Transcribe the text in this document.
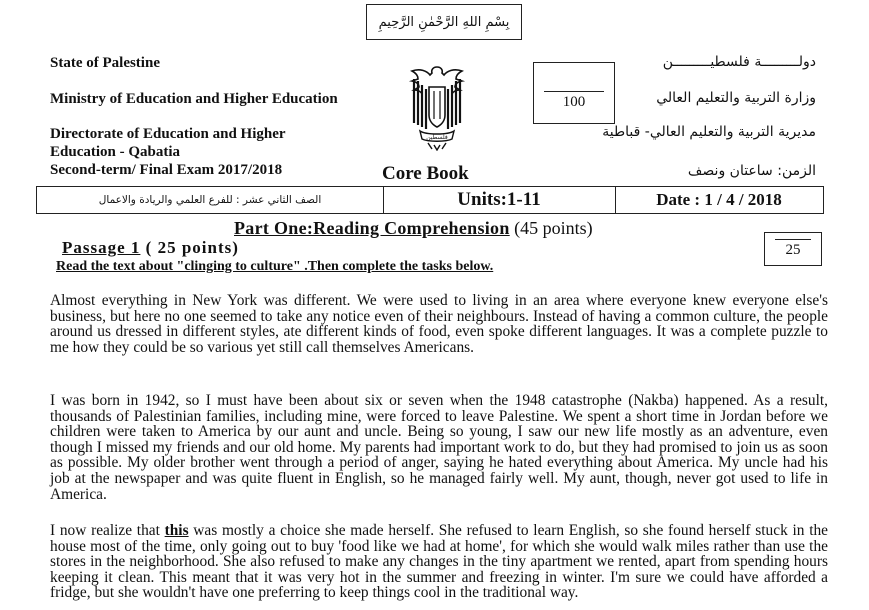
بِسْمِ اللهِ الرَّحْمٰنِ الرَّحِيمِ
State of Palestine
Ministry of Education and Higher Education
Directorate of Education and Higher
Education - Qabatia
Second-term/ Final Exam 2017/2018
فلسطين
100
دولـــــــــة فلسطيـــــــــن
وزارة التربية والتعليم العالي
مديرية التربية والتعليم العالي- قباطية
الزمن: ساعتان ونصف
Core Book
الصف الثاني عشر : للفرع العلمي والريادة والاعمال	Units:1-11	Date : 1 / 4 / 2018
Part One:Reading Comprehension (45 points)
Passage 1 ( 25 points)	25
Read the text about "clinging to culture" .Then complete the tasks below.
Almost everything in New York was different. We were used to living in an area where everyone knew everyone else's business, but here no one seemed to take any notice even of their neighbours. Instead of having a common culture, the people around us dressed in different styles, ate different kinds of food, even spoke different languages. It was a complete puzzle to me how they could be so various yet still call themselves Americans.
I was born in 1942, so I must have been about six or seven when the 1948 catastrophe (Nakba) happened. As a result, thousands of Palestinian families, including mine, were forced to leave Palestine. We spent a short time in Jordan before we children were taken to America by our aunt and uncle. Being so young, I saw our new life mostly as an adventure, even though I missed my friends and our old home. My parents had important work to do, but they had promised to join us as soon as possible. My older brother went through a period of anger, saying he hated everything about America. My uncle had his job at the newspaper and was quite fluent in English, so he managed fairly well. My aunt, though, never got used to life in America.
I now realize that this was mostly a choice she made herself. She refused to learn English, so she found herself stuck in the house most of the time, only going out to buy 'food like we had at home', for which she would walk miles rather than use the stores in the neighborhood. She also refused to make any changes in the tiny apartment we rented, apart from spending hours keeping it clean. This meant that it was very hot in the summer and freezing in winter. I'm sure we could have afforded a fridge, but she wouldn't have one preferring to keep things cool in the traditional way.
